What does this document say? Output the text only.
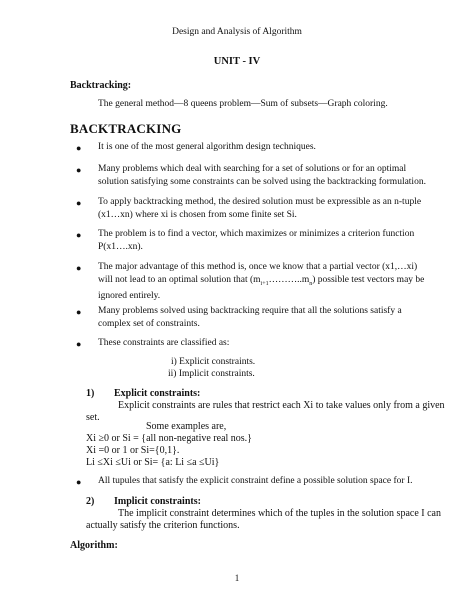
Design and Analysis of Algorithm
UNIT - IV
Backtracking:
The general method—8 queens problem—Sum of subsets—Graph coloring.
BACKTRACKING
● It is one of the most general algorithm design techniques.
● Many problems which deal with searching for a set of solutions or for an optimal
solution satisfying some constraints can be solved using the backtracking formulation.
● To apply backtracking method, the desired solution must be expressible as an n-tuple
(x1…xn) where xi is chosen from some finite set Si.
● The problem is to find a vector, which maximizes or minimizes a criterion function
P(x1….xn).
● The major advantage of this method is, once we know that a partial vector (x1,…xi)
will not lead to an optimal solution that $(m_{i+1}\dots\dots\dots..m_n)$ possible test vectors may be
ignored entirely.
● Many problems solved using backtracking require that all the solutions satisfy a
complex set of constraints.
● These constraints are classified as:
i) Explicit constraints.
ii) Implicit constraints.
1) Explicit constraints:
Explicit constraints are rules that restrict each Xi to take values only from a given
set.
Some examples are,
Xi ≥0 or Si = {all non-negative real nos.}
Xi =0 or 1 or Si={0,1}.
Li ≤Xi ≤Ui or Si= {a: Li ≤a ≤Ui}
● All tupules that satisfy the explicit constraint define a possible solution space for I.
2) Implicit constraints:
The implicit constraint determines which of the tuples in the solution space I can
actually satisfy the criterion functions.
Algorithm:
1
